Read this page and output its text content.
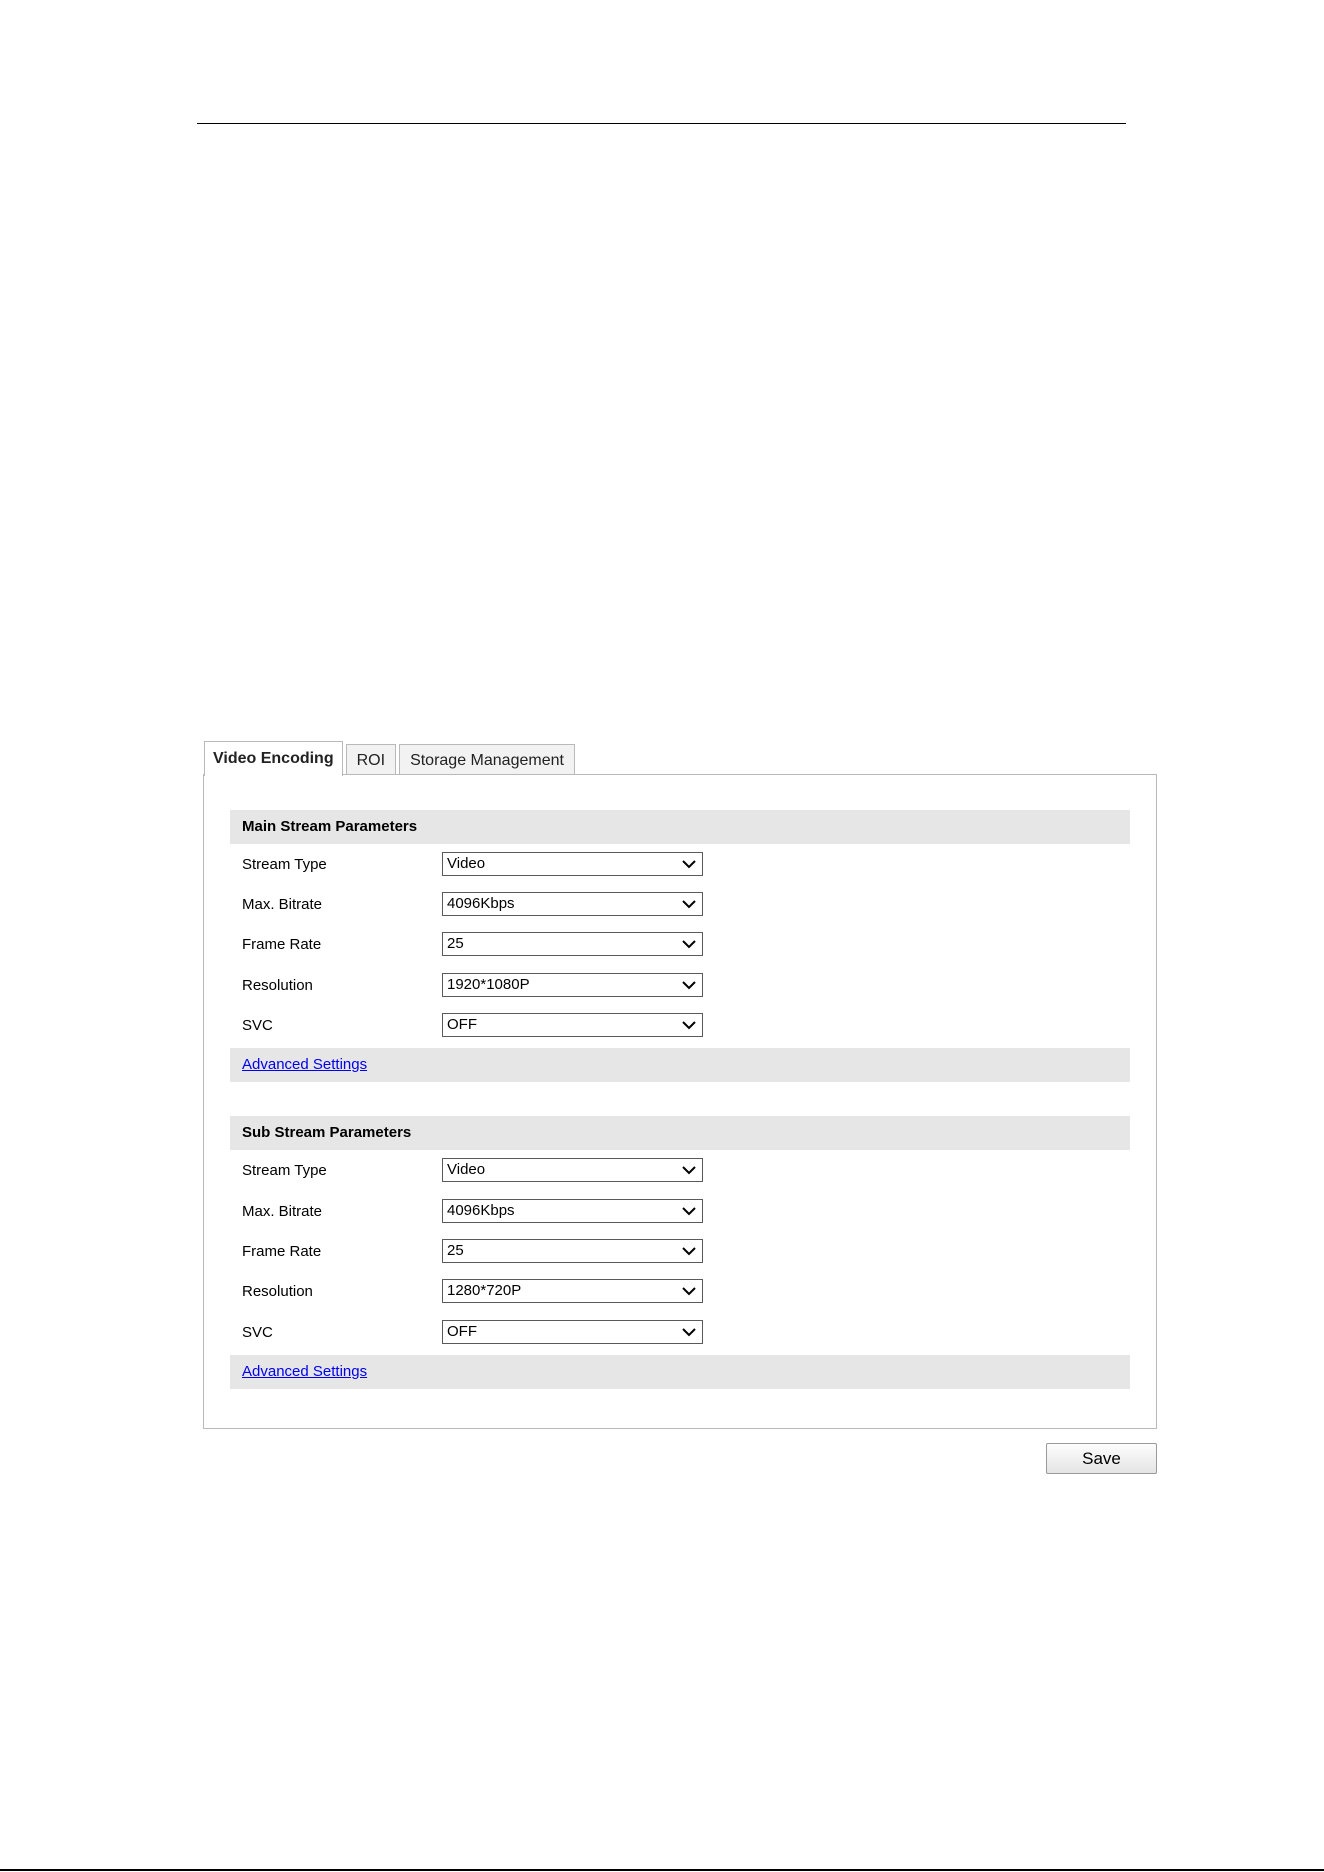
Video Encoding	ROI	Storage Management
Main Stream Parameters
Stream Type	Video
Max. Bitrate	4096Kbps
Frame Rate	25
Resolution	1920*1080P
SVC	OFF
Advanced Settings
Sub Stream Parameters
Stream Type	Video
Max. Bitrate	4096Kbps
Frame Rate	25
Resolution	1280*720P
SVC	OFF
Advanced Settings
Save
